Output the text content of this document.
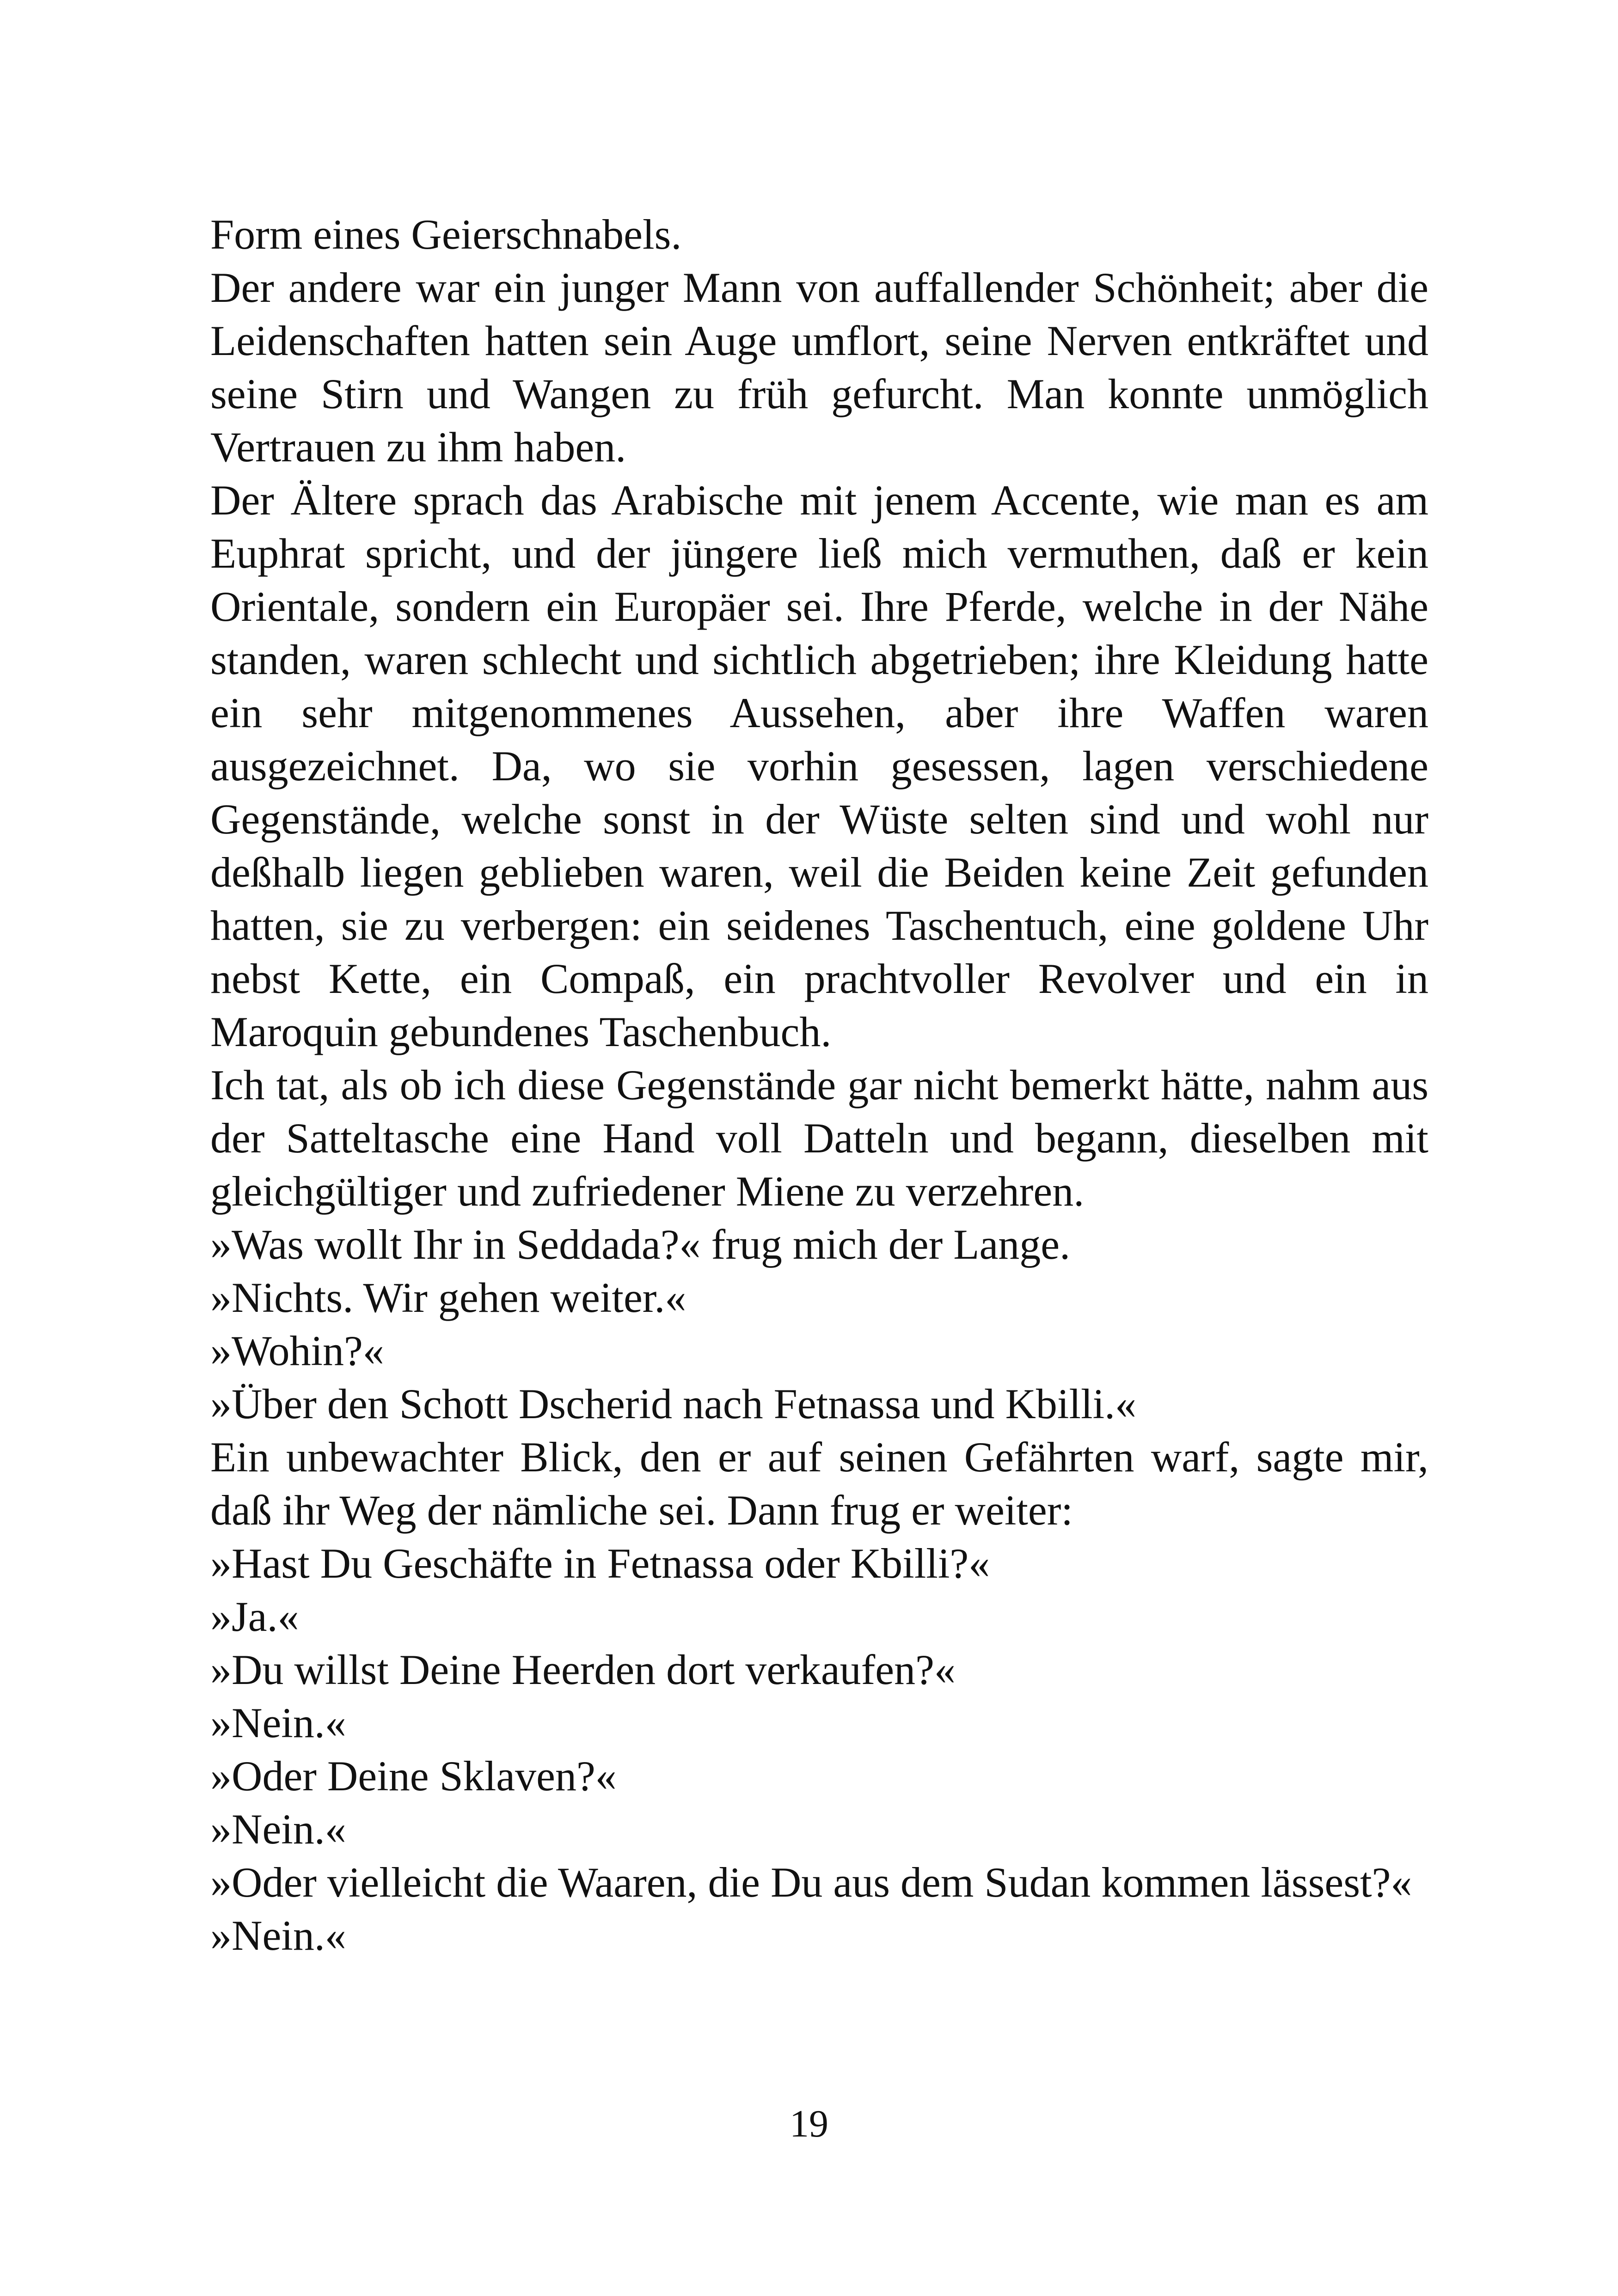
Form eines Geierschnabels.

Der andere war ein junger Mann von auffallender Schönheit; aber die Leidenschaften hatten sein Auge umflort, seine Nerven entkräftet und seine Stirn und Wangen zu früh gefurcht. Man konnte unmöglich Vertrauen zu ihm haben.

Der Ältere sprach das Arabische mit jenem Accente, wie man es am Euphrat spricht, und der jüngere ließ mich vermuthen, daß er kein Orientale, sondern ein Europäer sei. Ihre Pferde, welche in der Nähe standen, waren schlecht und sichtlich abgetrieben; ihre Kleidung hatte ein sehr mitgenommenes Aussehen, aber ihre Waffen waren ausgezeichnet. Da, wo sie vorhin gesessen, lagen verschiedene Gegenstände, welche sonst in der Wüste selten sind und wohl nur deßhalb liegen geblieben waren, weil die Beiden keine Zeit gefunden hatten, sie zu verbergen: ein seidenes Taschentuch, eine goldene Uhr nebst Kette, ein Compaß, ein prachtvoller Revolver und ein in Maroquin gebundenes Taschenbuch.

Ich tat, als ob ich diese Gegenstände gar nicht bemerkt hätte, nahm aus der Satteltasche eine Hand voll Datteln und begann, dieselben mit gleichgültiger und zufriedener Miene zu verzehren.

»Was wollt Ihr in Seddada?« frug mich der Lange.

»Nichts. Wir gehen weiter.«

»Wohin?«

»Über den Schott Dscherid nach Fetnassa und Kbilli.«

Ein unbewachter Blick, den er auf seinen Gefährten warf, sagte mir, daß ihr Weg der nämliche sei. Dann frug er weiter:

»Hast Du Geschäfte in Fetnassa oder Kbilli?«

»Ja.«

»Du willst Deine Heerden dort verkaufen?«

»Nein.«

»Oder Deine Sklaven?«

»Nein.«

»Oder vielleicht die Waaren, die Du aus dem Sudan kommen lässest?«

»Nein.«

19
